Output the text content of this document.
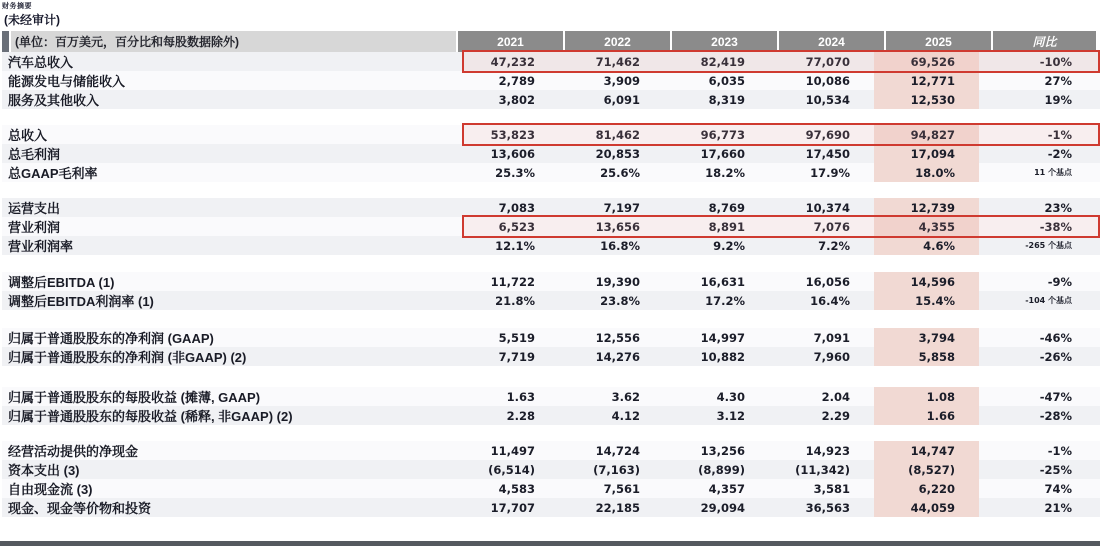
财务摘要
(未经审计)
(单位：百万美元，百分比和每股数据除外)	2021	2022	2023	2024	2025	同比
汽车总收入	47,232	71,462	82,419	77,070	69,526	-10%
能源发电与储能收入	2,789	3,909	6,035	10,086	12,771	27%
服务及其他收入	3,802	6,091	8,319	10,534	12,530	19%
总收入	53,823	81,462	96,773	97,690	94,827	-1%
总毛利润	13,606	20,853	17,660	17,450	17,094	-2%
总GAAP毛利率	25.3%	25.6%	18.2%	17.9%	18.0%	11 个基点
运营支出	7,083	7,197	8,769	10,374	12,739	23%
营业利润	6,523	13,656	8,891	7,076	4,355	-38%
营业利润率	12.1%	16.8%	9.2%	7.2%	4.6%	-265 个基点
调整后EBITDA (1)	11,722	19,390	16,631	16,056	14,596	-9%
调整后EBITDA利润率 (1)	21.8%	23.8%	17.2%	16.4%	15.4%	-104 个基点
归属于普通股股东的净利润 (GAAP)	5,519	12,556	14,997	7,091	3,794	-46%
归属于普通股股东的净利润 (非GAAP) (2)	7,719	14,276	10,882	7,960	5,858	-26%
归属于普通股股东的每股收益 (摊薄, GAAP)	1.63	3.62	4.30	2.04	1.08	-47%
归属于普通股股东的每股收益 (稀释, 非GAAP) (2)	2.28	4.12	3.12	2.29	1.66	-28%
经营活动提供的净现金	11,497	14,724	13,256	14,923	14,747	-1%
资本支出 (3)	(6,514)	(7,163)	(8,899)	(11,342)	(8,527)	-25%
自由现金流 (3)	4,583	7,561	4,357	3,581	6,220	74%
现金、现金等价物和投资	17,707	22,185	29,094	36,563	44,059	21%
